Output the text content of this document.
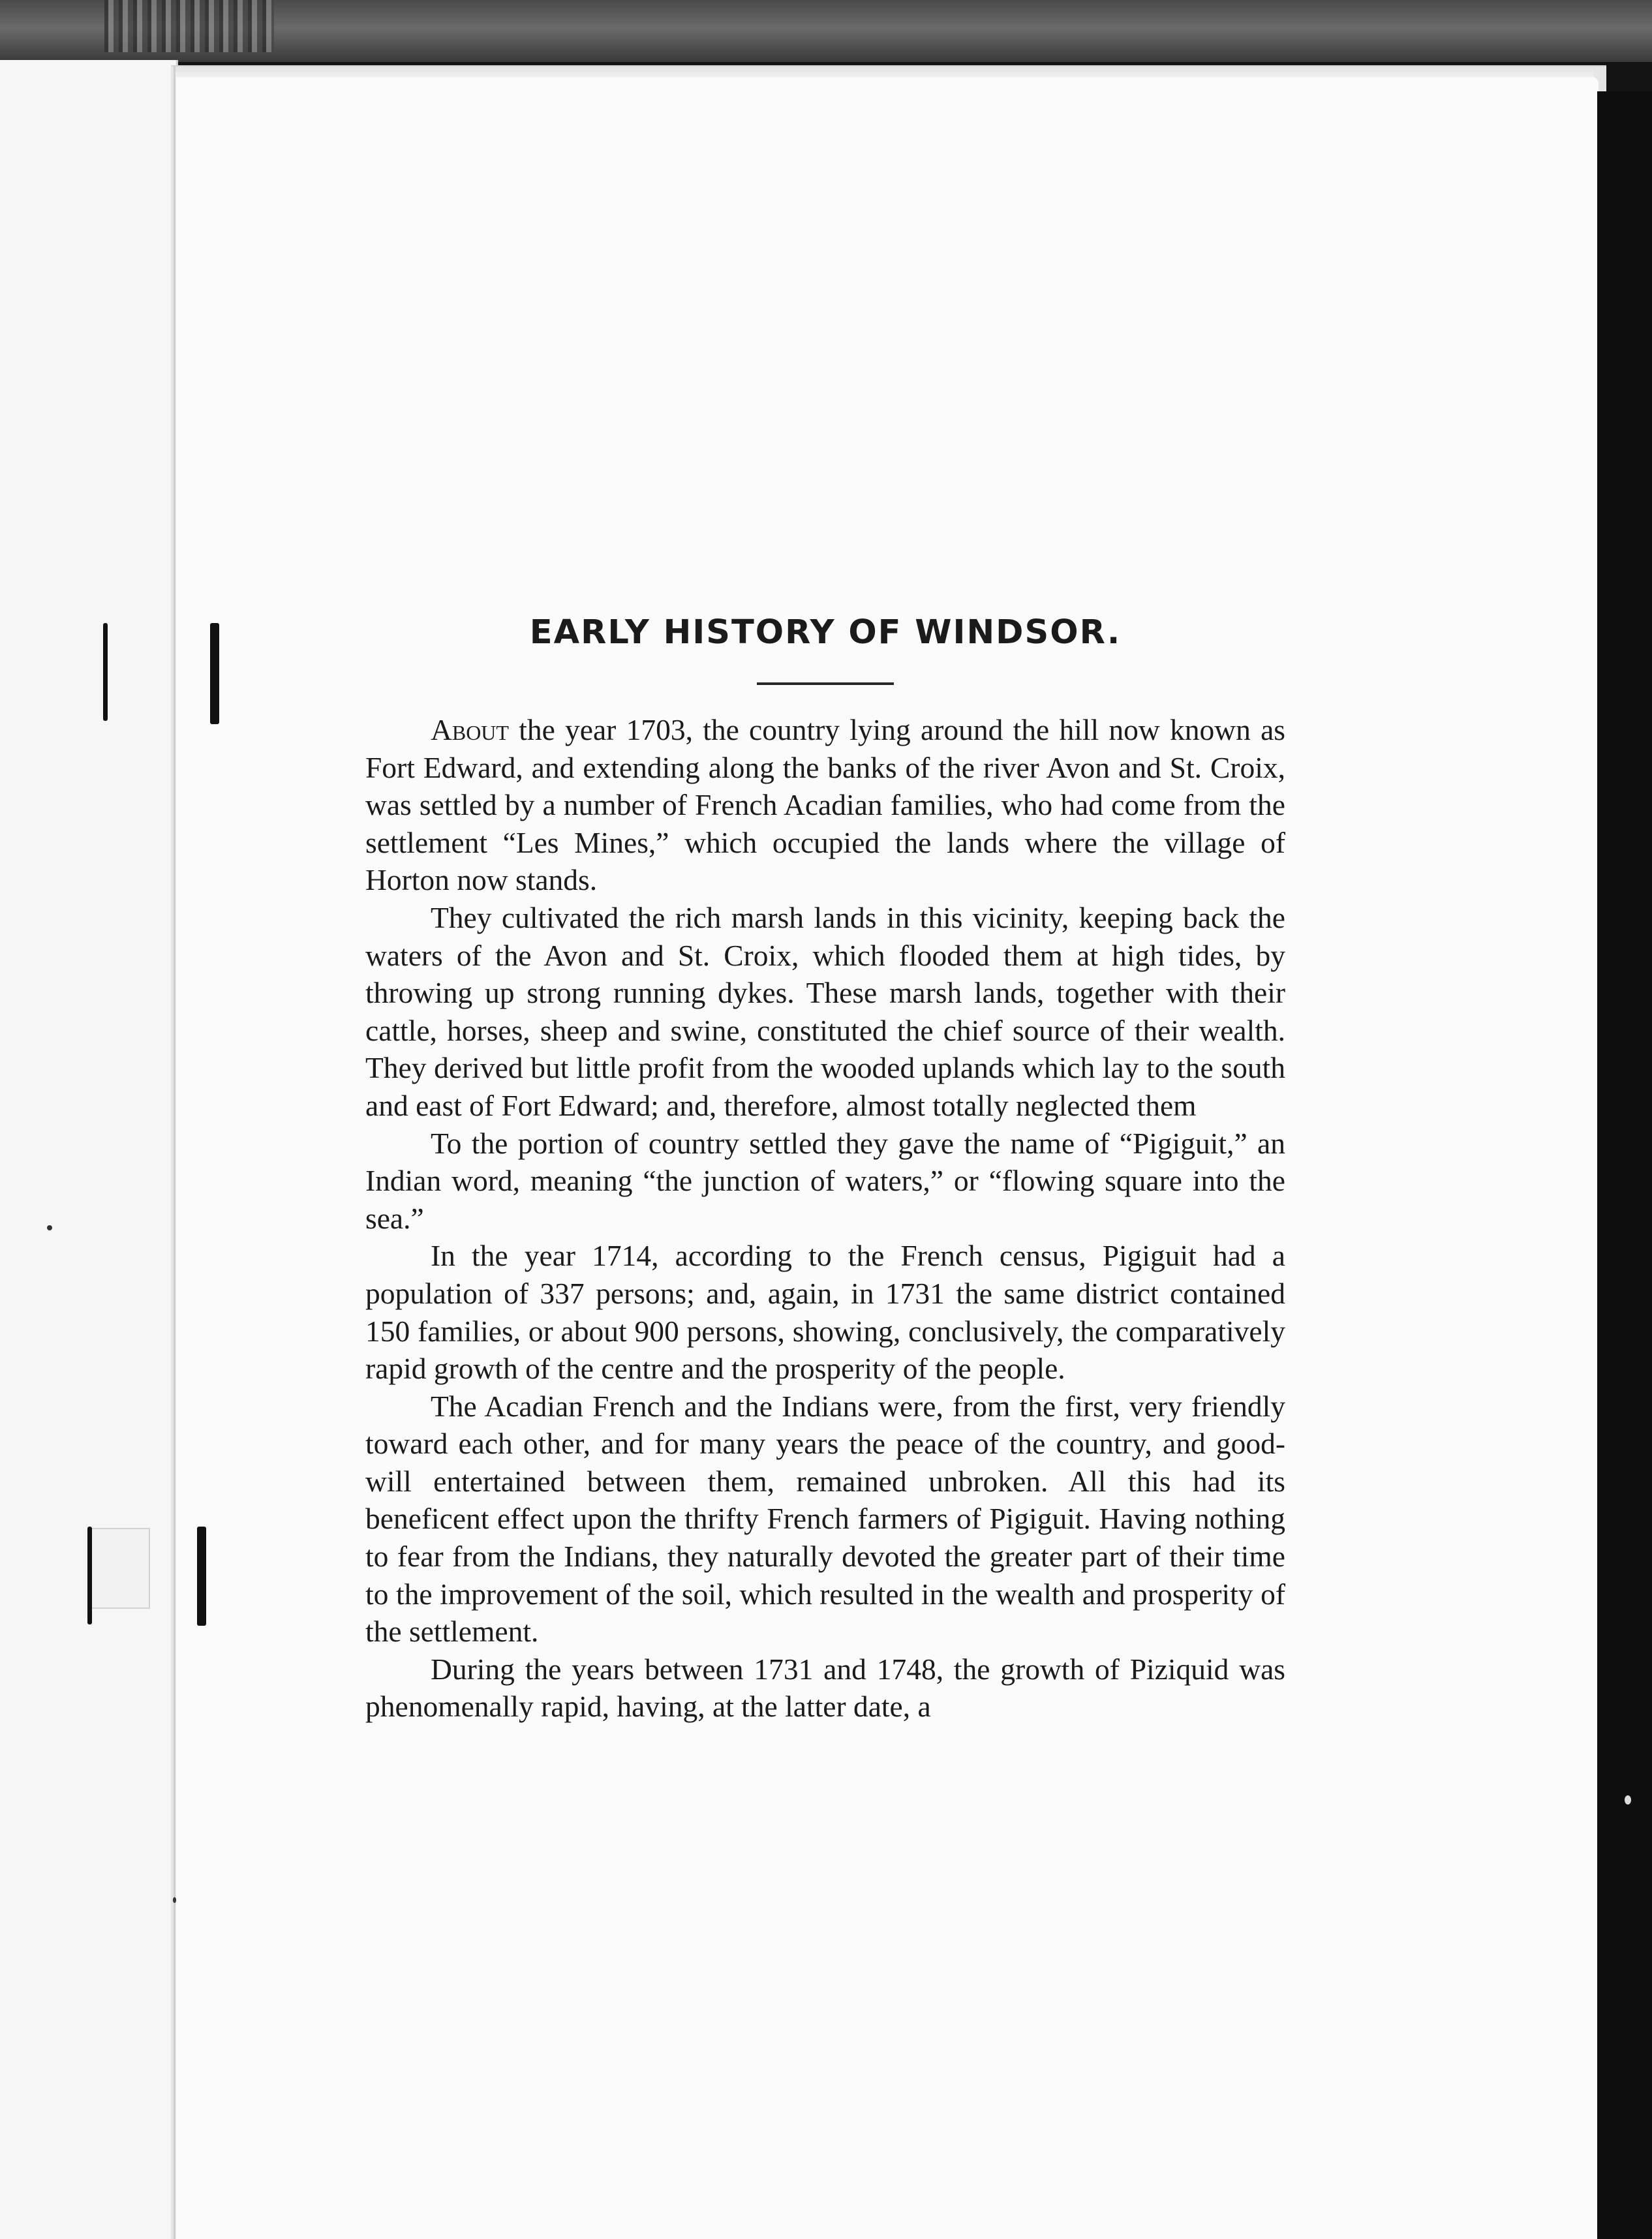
EARLY HISTORY OF WINDSOR.

About the year 1703, the country lying around the hill now known as Fort Edward, and extending along the banks of the river Avon and St. Croix, was settled by a number of French Acadian families, who had come from the settlement “Les Mines,” which occupied the lands where the village of Horton now stands.

They cultivated the rich marsh lands in this vicinity, keeping back the waters of the Avon and St. Croix, which flooded them at high tides, by throwing up strong running dykes. These marsh lands, together with their cattle, horses, sheep and swine, constituted the chief source of their wealth. They derived but little profit from the wooded uplands which lay to the south and east of Fort Edward; and, therefore, almost totally neglected them

To the portion of country settled they gave the name of “Pigiguit,” an Indian word, meaning “the junction of waters,” or “flowing square into the sea.”

In the year 1714, according to the French census, Pigiguit had a population of 337 persons; and, again, in 1731 the same district contained 150 families, or about 900 persons, showing, conclusively, the comparatively rapid growth of the centre and the prosperity of the people.

The Acadian French and the Indians were, from the first, very friendly toward each other, and for many years the peace of the country, and good-will entertained between them, remained unbroken. All this had its beneficent effect upon the thrifty French farmers of Pigiguit. Having nothing to fear from the Indians, they naturally devoted the greater part of their time to the improvement of the soil, which resulted in the wealth and prosperity of the settlement.

During the years between 1731 and 1748, the growth of Piziquid was phenomenally rapid, having, at the latter date, a
